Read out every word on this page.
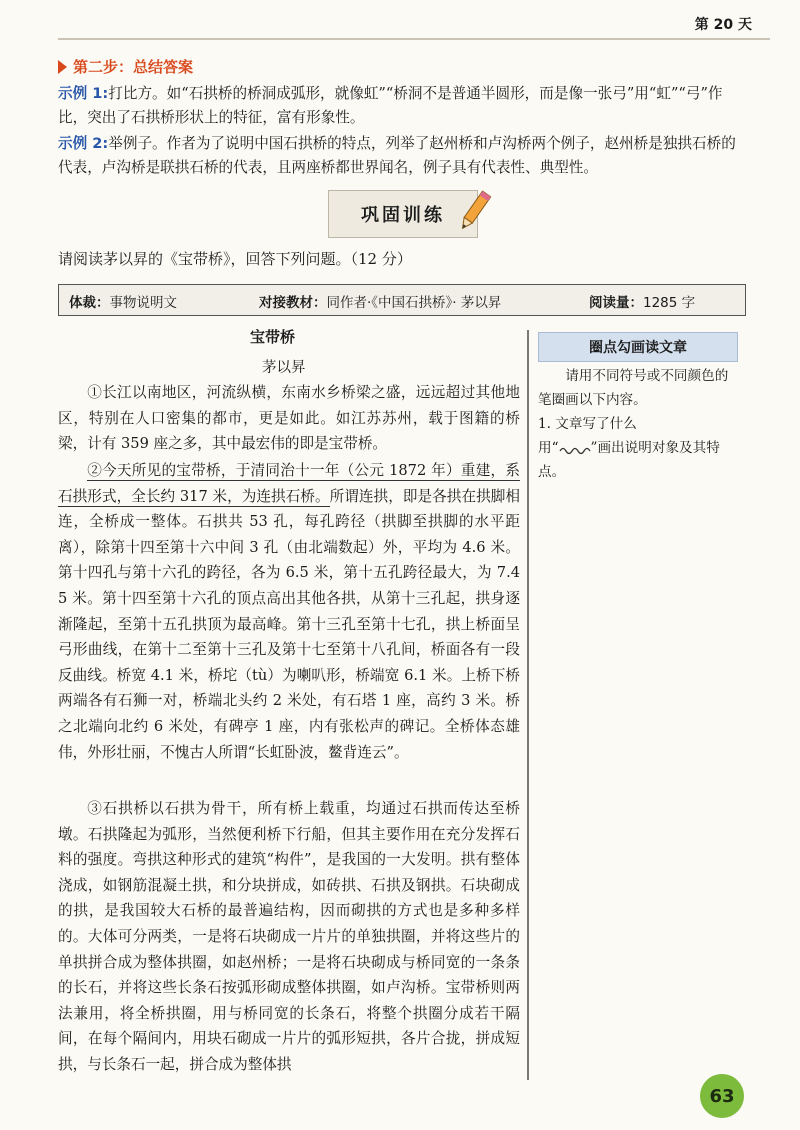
第 20 天
第二步：总结答案
示例 1:打比方。如“石拱桥的桥洞成弧形，就像虹”“桥洞不是普通半圆形，而是像一张弓”用“虹”“弓”作比，突出了石拱桥形状上的特征，富有形象性。
示例 2:举例子。作者为了说明中国石拱桥的特点，列举了赵州桥和卢沟桥两个例子，赵州桥是独拱石桥的代表，卢沟桥是联拱石桥的代表，且两座桥都世界闻名，例子具有代表性、典型性。
巩固训练
请阅读茅以昇的《宝带桥》，回答下列问题。（12 分）
体裁：事物说明文	对接教材：同作者·《中国石拱桥》· 茅以昇	阅读量：1285 字
宝带桥
茅以昇
①长江以南地区，河流纵横，东南水乡桥梁之盛，远远超过其他地区，特别在人口密集的都市，更是如此。如江苏苏州，载于图籍的桥梁，计有 359 座之多，其中最宏伟的即是宝带桥。
②今天所见的宝带桥，于清同治十一年（公元 1872 年）重建，系石拱形式，全长约 317 米，为连拱石桥。所谓连拱，即是各拱在拱脚相连，全桥成一整体。石拱共 53 孔，每孔跨径（拱脚至拱脚的水平距离），除第十四至第十六中间 3 孔（由北端数起）外，平均为 4.6 米。第十四孔与第十六孔的跨径，各为 6.5 米，第十五孔跨径最大，为 7.45 米。第十四至第十六孔的顶点高出其他各拱，从第十三孔起，拱身逐渐隆起，至第十五孔拱顶为最高峰。第十三孔至第十七孔，拱上桥面呈弓形曲线，在第十二至第十三孔及第十七至第十八孔间，桥面各有一段反曲线。桥宽 4.1 米，桥坨（tù）为喇叭形，桥端宽 6.1 米。上桥下桥两端各有石狮一对，桥端北头约 2 米处，有石塔 1 座，高约 3 米。桥之北端向北约 6 米处，有碑亭 1 座，内有张松声的碑记。全桥体态雄伟，外形壮丽，不愧古人所谓“长虹卧波，鳌背连云”。
③石拱桥以石拱为骨干，所有桥上载重，均通过石拱而传达至桥墩。石拱隆起为弧形，当然便利桥下行船，但其主要作用在充分发挥石料的强度。弯拱这种形式的建筑“构件”，是我国的一大发明。拱有整体浇成，如钢筋混凝土拱，和分块拼成，如砖拱、石拱及钢拱。石块砌成的拱，是我国较大石桥的最普遍结构，因而砌拱的方式也是多种多样的。大体可分两类，一是将石块砌成一片片的单独拱圈，并将这些片的单拱拼合成为整体拱圈，如赵州桥；一是将石块砌成与桥同宽的一条条的长石，并将这些长条石按弧形砌成整体拱圈，如卢沟桥。宝带桥则两法兼用，将全桥拱圈，用与桥同宽的长条石，将整个拱圈分成若干隔间，在每个隔间内，用块石砌成一片片的弧形短拱，各片合拢，拼成短拱，与长条石一起，拼合成为整体拱
圈点勾画读文章
请用不同符号或不同颜色的笔圈画以下内容。
1. 文章写了什么
用“ ”画出说明对象及其特点。
63
